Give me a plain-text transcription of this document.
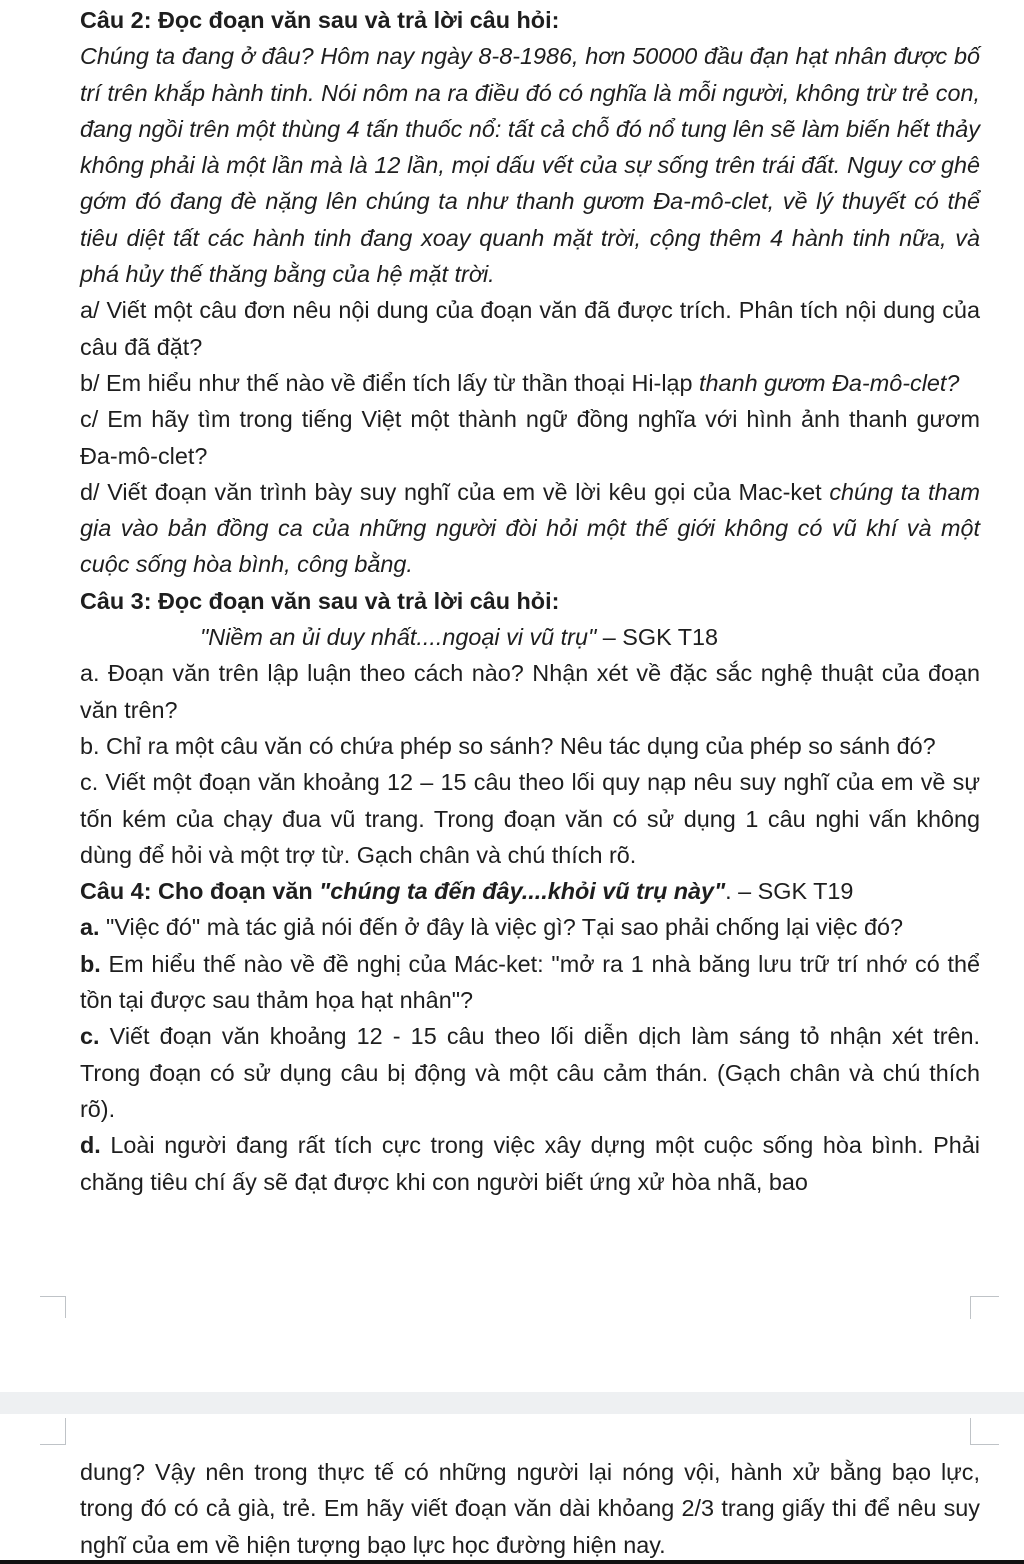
Câu 2: Đọc đoạn văn sau và trả lời câu hỏi:

Chúng ta đang ở đâu? Hôm nay ngày 8-8-1986, hơn 50000 đầu đạn hạt nhân được bố trí trên khắp hành tinh. Nói nôm na ra điều đó có nghĩa là mỗi người, không trừ trẻ con, đang ngồi trên một thùng 4 tấn thuốc nổ: tất cả chỗ đó nổ tung lên sẽ làm biến hết thảy không phải là một lần mà là 12 lần, mọi dấu vết của sự sống trên trái đất. Nguy cơ ghê gớm đó đang đè nặng lên chúng ta như thanh gươm Đa-mô-clet, về lý thuyết có thể tiêu diệt tất các hành tinh đang xoay quanh mặt trời, cộng thêm 4 hành tinh nữa, và phá hủy thế thăng bằng của hệ mặt trời.

a/ Viết một câu đơn nêu nội dung của đoạn văn đã được trích. Phân tích nội dung của câu đã đặt?

b/ Em hiểu như thế nào về điển tích lấy từ thần thoại Hi-lạp thanh gươm Đa-mô-clet?

c/ Em hãy tìm trong tiếng Việt một thành ngữ đồng nghĩa với hình ảnh thanh gươm Đa-mô-clet?

d/ Viết đoạn văn trình bày suy nghĩ của em về lời kêu gọi của Mac-ket chúng ta tham gia vào bản đồng ca của những người đòi hỏi một thế giới không có vũ khí và một cuộc sống hòa bình, công bằng.

Câu 3: Đọc đoạn văn sau và trả lời câu hỏi:

"Niềm an ủi duy nhất....ngoại vi vũ trụ" – SGK T18

a. Đoạn văn trên lập luận theo cách nào? Nhận xét về đặc sắc nghệ thuật của đoạn văn trên?

b. Chỉ ra một câu văn có chứa phép so sánh? Nêu tác dụng của phép so sánh đó?

c. Viết một đoạn văn khoảng 12 – 15 câu theo lối quy nạp nêu suy nghĩ của em về sự tốn kém của chạy đua vũ trang. Trong đoạn văn có sử dụng 1 câu nghi vấn không dùng để hỏi và một trợ từ. Gạch chân và chú thích rõ.

Câu 4: Cho đoạn văn "chúng ta đến đây....khỏi vũ trụ này". – SGK T19

a. "Việc đó" mà tác giả nói đến ở đây là việc gì? Tại sao phải chống lại việc đó?

b. Em hiểu thế nào về đề nghị của Mác-ket: "mở ra 1 nhà băng lưu trữ trí nhớ có thể tồn tại được sau thảm họa hạt nhân"?

c. Viết đoạn văn khoảng 12 - 15 câu theo lối diễn dịch làm sáng tỏ nhận xét trên. Trong đoạn có sử dụng câu bị động và một câu cảm thán. (Gạch chân và chú thích rõ).

d. Loài người đang rất tích cực trong việc xây dựng một cuộc sống hòa bình. Phải chăng tiêu chí ấy sẽ đạt được khi con người biết ứng xử hòa nhã, bao

dung? Vậy nên trong thực tế có những người lại nóng vội, hành xử bằng bạo lực, trong đó có cả già, trẻ. Em hãy viết đoạn văn dài khỏang 2/3 trang giấy thi để nêu suy nghĩ của em về hiện tượng bạo lực học đường hiện nay.
